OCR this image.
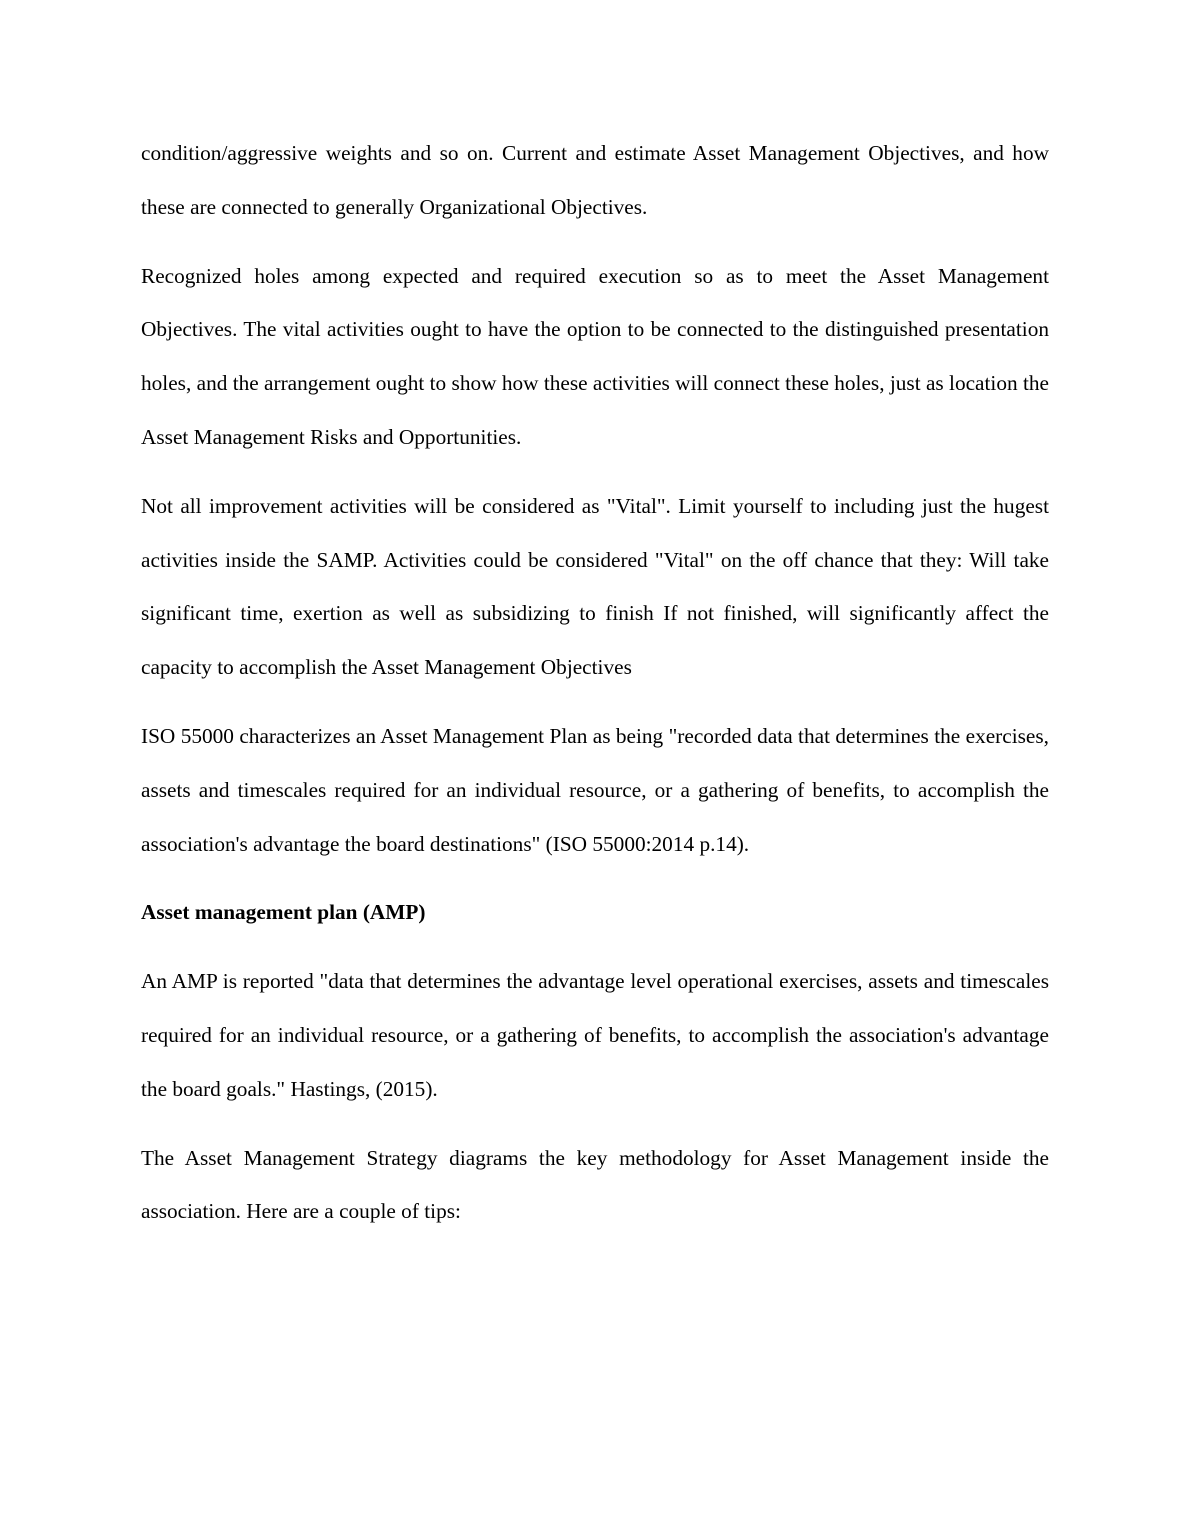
condition/aggressive weights and so on. Current and estimate Asset Management Objectives, and how these are connected to generally Organizational Objectives.

Recognized holes among expected and required execution so as to meet the Asset Management Objectives. The vital activities ought to have the option to be connected to the distinguished presentation holes, and the arrangement ought to show how these activities will connect these holes, just as location the Asset Management Risks and Opportunities.

Not all improvement activities will be considered as "Vital". Limit yourself to including just the hugest activities inside the SAMP. Activities could be considered "Vital" on the off chance that they: Will take significant time, exertion as well as subsidizing to finish If not finished, will significantly affect the capacity to accomplish the Asset Management Objectives

ISO 55000 characterizes an Asset Management Plan as being "recorded data that determines the exercises, assets and timescales required for an individual resource, or a gathering of benefits, to accomplish the association's advantage the board destinations" (ISO 55000:2014 p.14).

Asset management plan (AMP)

An AMP is reported "data that determines the advantage level operational exercises, assets and timescales required for an individual resource, or a gathering of benefits, to accomplish the association's advantage the board goals." Hastings, (2015).

The Asset Management Strategy diagrams the key methodology for Asset Management inside the association. Here are a couple of tips:
